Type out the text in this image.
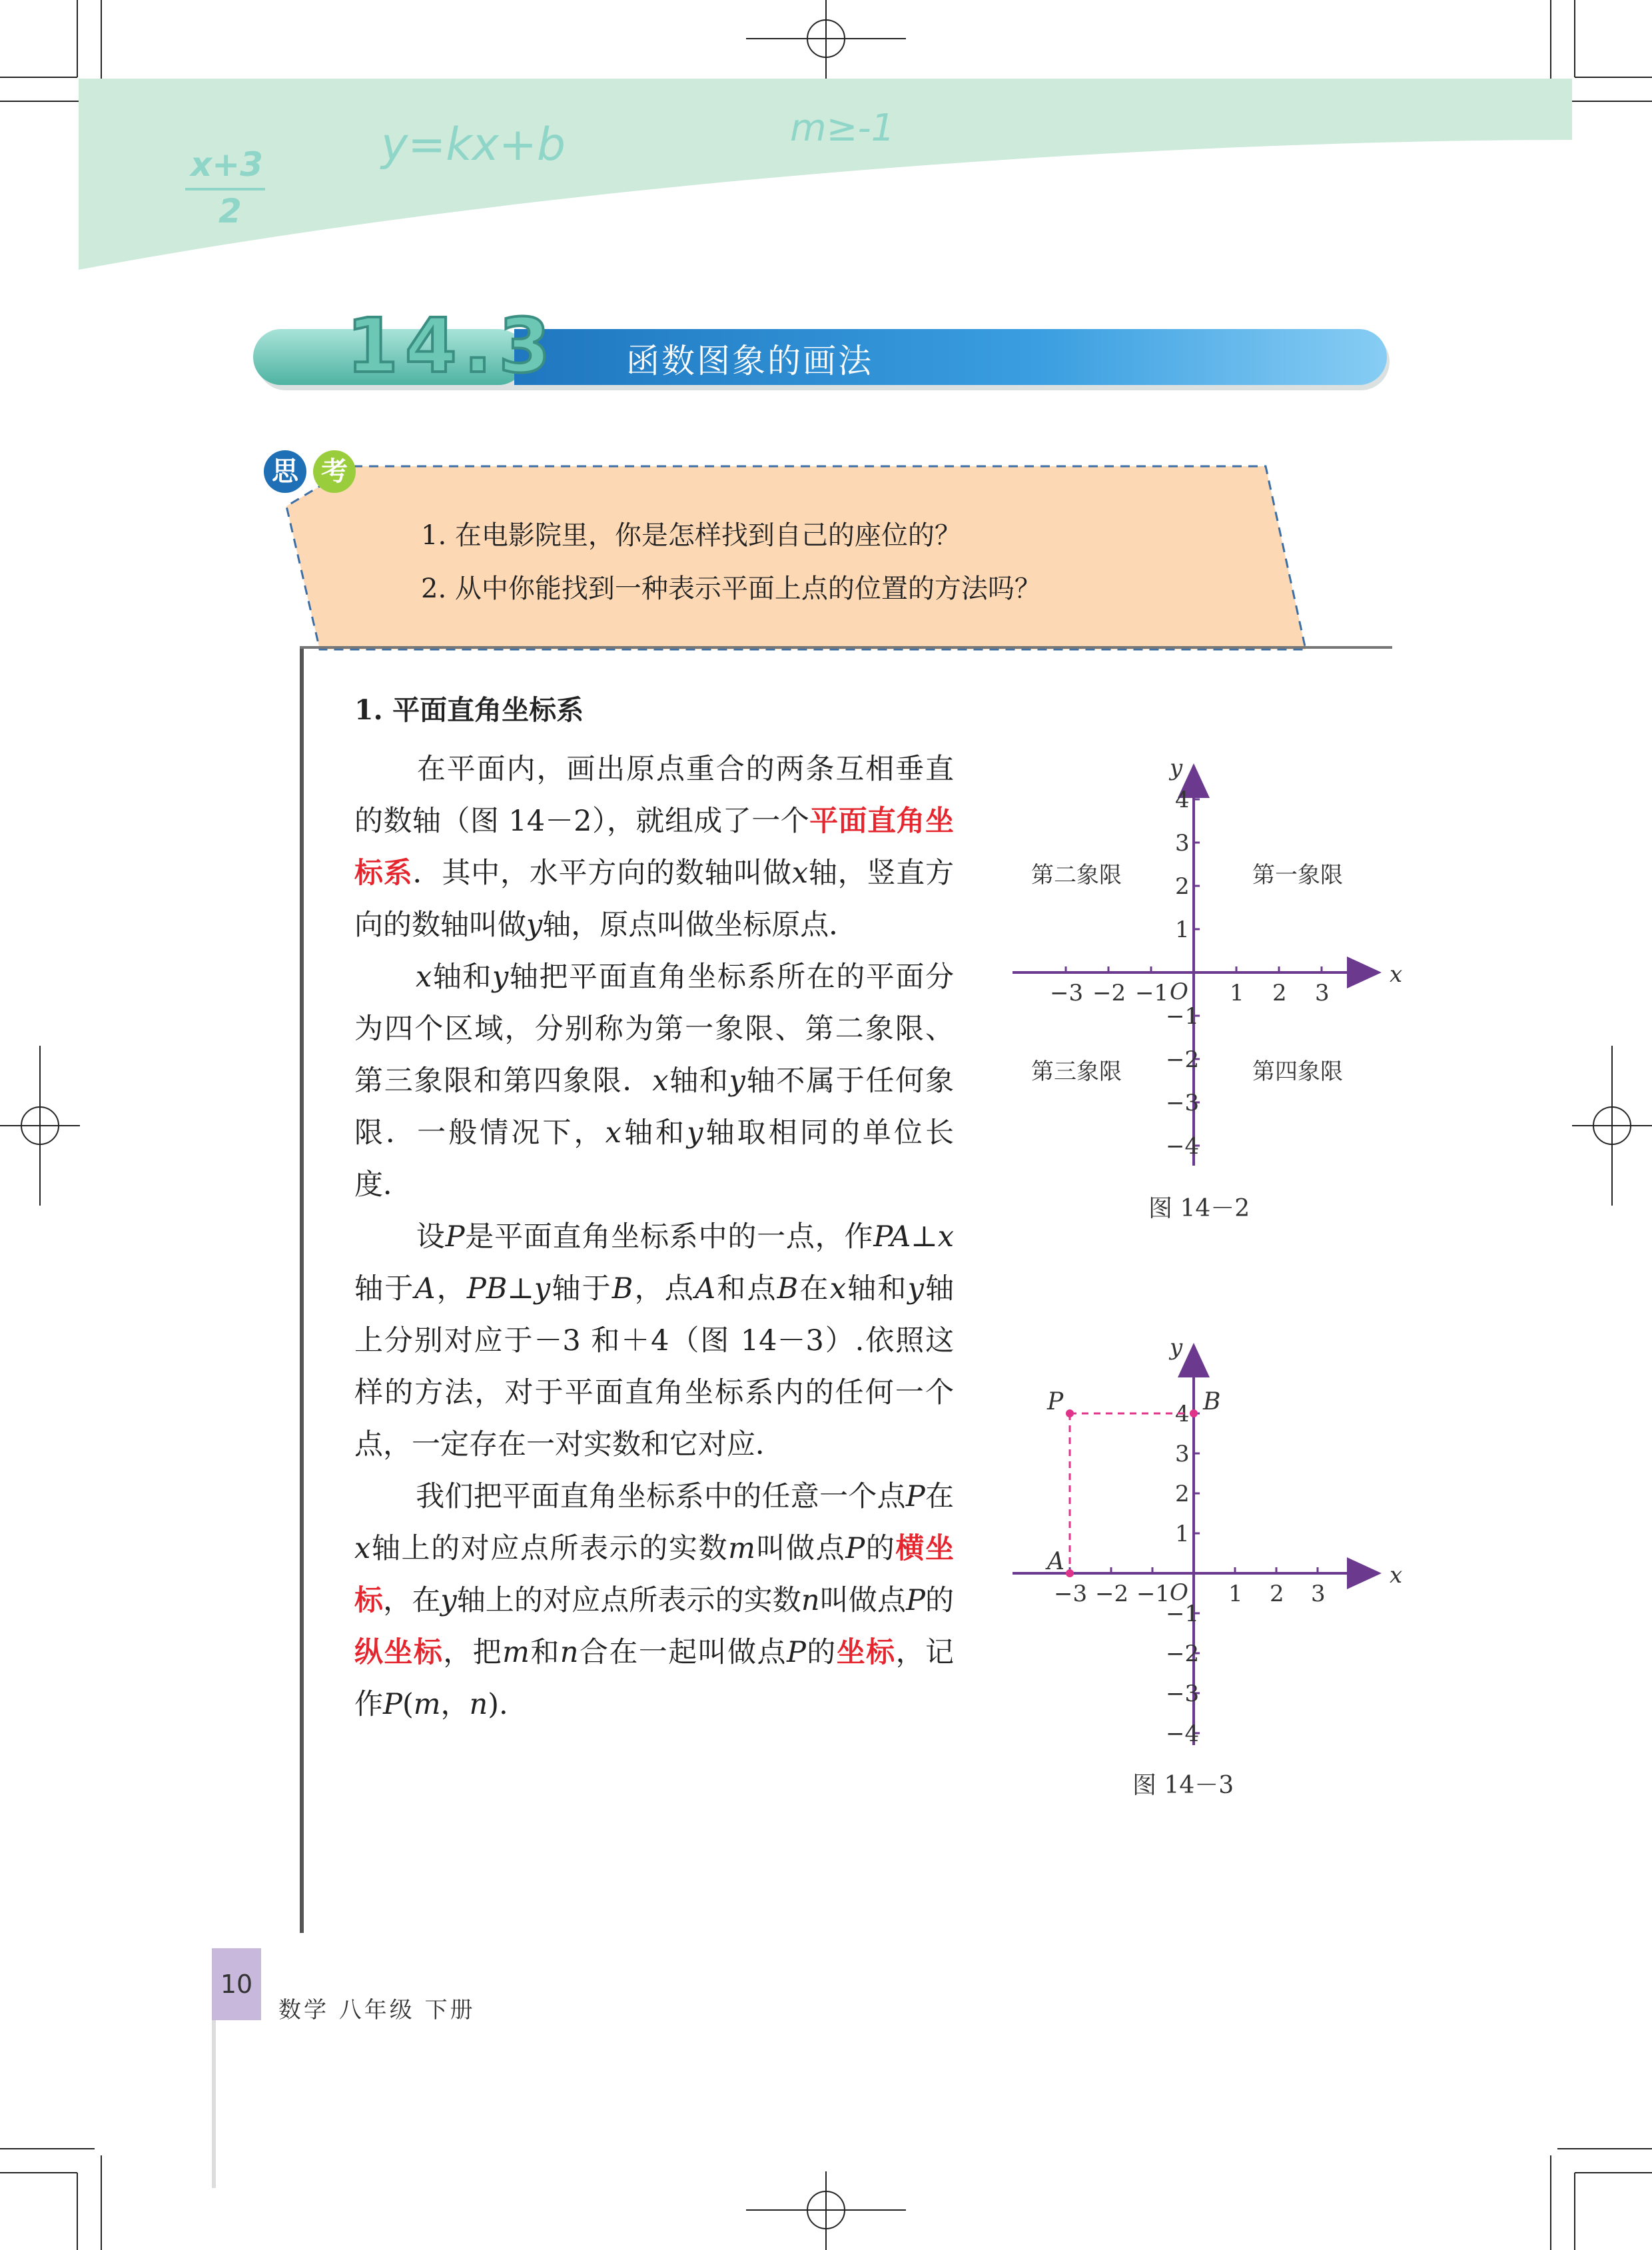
x+3
2
y=kx+b	m≥-1
14.3 函数图象的画法
思 考
1. 在电影院里，你是怎样找到自己的座位的？
2. 从中你能找到一种表示平面上点的位置的方法吗？
1. 平面直角坐标系

在平面内，画出原点重合的两条互相垂直的数轴（图 14－2），就组成了一个平面直角坐标系．其中，水平方向的数轴叫做x轴，竖直方向的数轴叫做y轴，原点叫做坐标原点．

x轴和y轴把平面直角坐标系所在的平面分为四个区域，分别称为第一象限、第二象限、第三象限和第四象限．x轴和y轴不属于任何象限．一般情况下，x轴和y轴取相同的单位长度．

设P是平面直角坐标系中的一点，作PA⊥x轴于A，PB⊥y轴于B，点A和点B在x轴和y轴上分别对应于－3 和＋4（图 14－3）.依照这样的方法，对于平面直角坐标系内的任何一个点，一定存在一对实数和它对应．

我们把平面直角坐标系中的任意一个点P在x轴上的对应点所表示的实数m叫做点P的横坐标，在y轴上的对应点所表示的实数n叫做点P的纵坐标，把m和n合在一起叫做点P的坐标，记作P(m，n).

x
y
O
−3 −2 −1	1 2 3
4
3
2
1
−1
−2
−3
−4
第一象限
第二象限
第三象限	第四象限
图 14－2
x
y
O
−3 −2 −1	1 2 3
4
3
2
1
−1
−2
−3
−4
P
A
B
图 14－3
10
数学 八年级 下册
